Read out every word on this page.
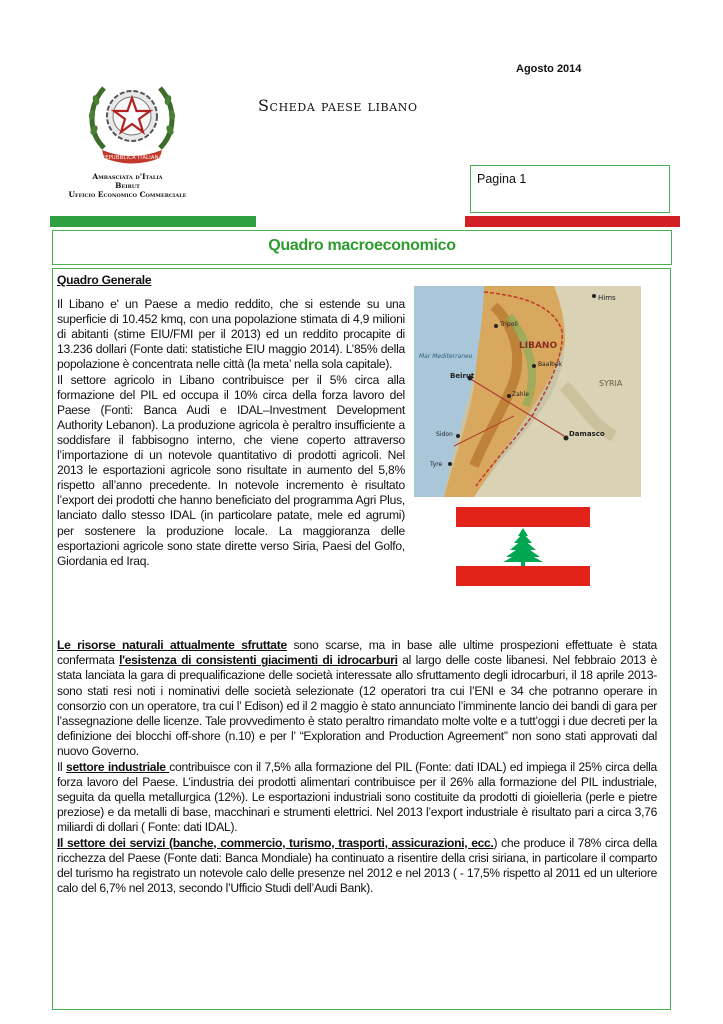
Agosto 2014
REPUBBLICA ITALIANA
Scheda paese libano
Ambasciata d'Italia
Beirut
Ufficio Economico Commerciale
Pagina 1
Quadro macroeconomico

Quadro Generale

Il Libano e' un Paese a medio reddito, che si estende su una superficie di 10.452 kmq, con una popolazione stimata di 4,9 milioni di abitanti (stime EIU/FMI per il 2013) ed un reddito procapite di 13.236 dollari (Fonte dati: statistiche EIU maggio 2014). L’85% della popolazione è concentrata nelle città (la meta’ nella sola capitale).

Il settore agricolo in Libano contribuisce per il 5% circa alla formazione del PIL ed occupa il 10% circa della forza lavoro del Paese (Fonti: Banca Audi e IDAL–Investment Development Authority Lebanon). La produzione agricola è peraltro insufficiente a soddisfare il fabbisogno interno, che viene coperto attraverso l’importazione di un notevole quantitativo di prodotti agricoli. Nel 2013 le esportazioni agricole sono risultate in aumento del 5,8% rispetto all’anno precedente. In notevole incremento è risultato l’export dei prodotti che hanno beneficiato del programma Agri Plus, lanciato dallo stesso IDAL (in particolare patate, mele ed agrumi) per sostenere la produzione locale. La maggioranza delle esportazioni agricole sono state dirette verso Siria, Paesi del Golfo, Giordania ed Iraq.

Hims
LIBANO
Tripoli
Beirut
Mar Mediterraneo
Sidon
Tyre
Damasco
SYRIA
Baalbek
Zahle

Le risorse naturali attualmente sfruttate sono scarse, ma in base alle ultime prospezioni effettuate è stata confermata l'esistenza di consistenti giacimenti di idrocarburi al largo delle coste libanesi. Nel febbraio 2013 è stata lanciata la gara di prequalificazione delle società interessate allo sfruttamento degli idrocarburi, il 18 aprile 2013-sono stati resi noti i nominativi delle società selezionate (12 operatori tra cui l’ENI e 34 che potranno operare in consorzio con un operatore, tra cui l’ Edison) ed il 2 maggio è stato annunciato l’imminente lancio dei bandi di gara per l’assegnazione delle licenze. Tale provvedimento è stato peraltro rimandato molte volte e a tutt’oggi i due decreti per la definizione dei blocchi off-shore (n.10) e per l’ “Exploration and Production Agreement” non sono stati approvati dal nuovo Governo.

Il settore industriale contribuisce con il 7,5% alla formazione del PIL (Fonte: dati IDAL) ed impiega il 25% circa della forza lavoro del Paese. L’industria dei prodotti alimentari contribuisce per il 26% alla formazione del PIL industriale, seguita da quella metallurgica (12%). Le esportazioni industriali sono costituite da prodotti di gioielleria (perle e pietre preziose) e da metalli di base, macchinari e strumenti elettrici. Nel 2013 l’export industriale è risultato pari a circa 3,76 miliardi di dollari ( Fonte: dati IDAL).

Il settore dei servizi (banche, commercio, turismo, trasporti, assicurazioni, ecc.) che produce il 78% circa della ricchezza del Paese (Fonte dati: Banca Mondiale) ha continuato a risentire della crisi siriana, in particolare il comparto del turismo ha registrato un notevole calo delle presenze nel 2012 e nel 2013 ( - 17,5% rispetto al 2011 ed un ulteriore calo del 6,7% nel 2013, secondo l’Ufficio Studi dell’Audi Bank).
